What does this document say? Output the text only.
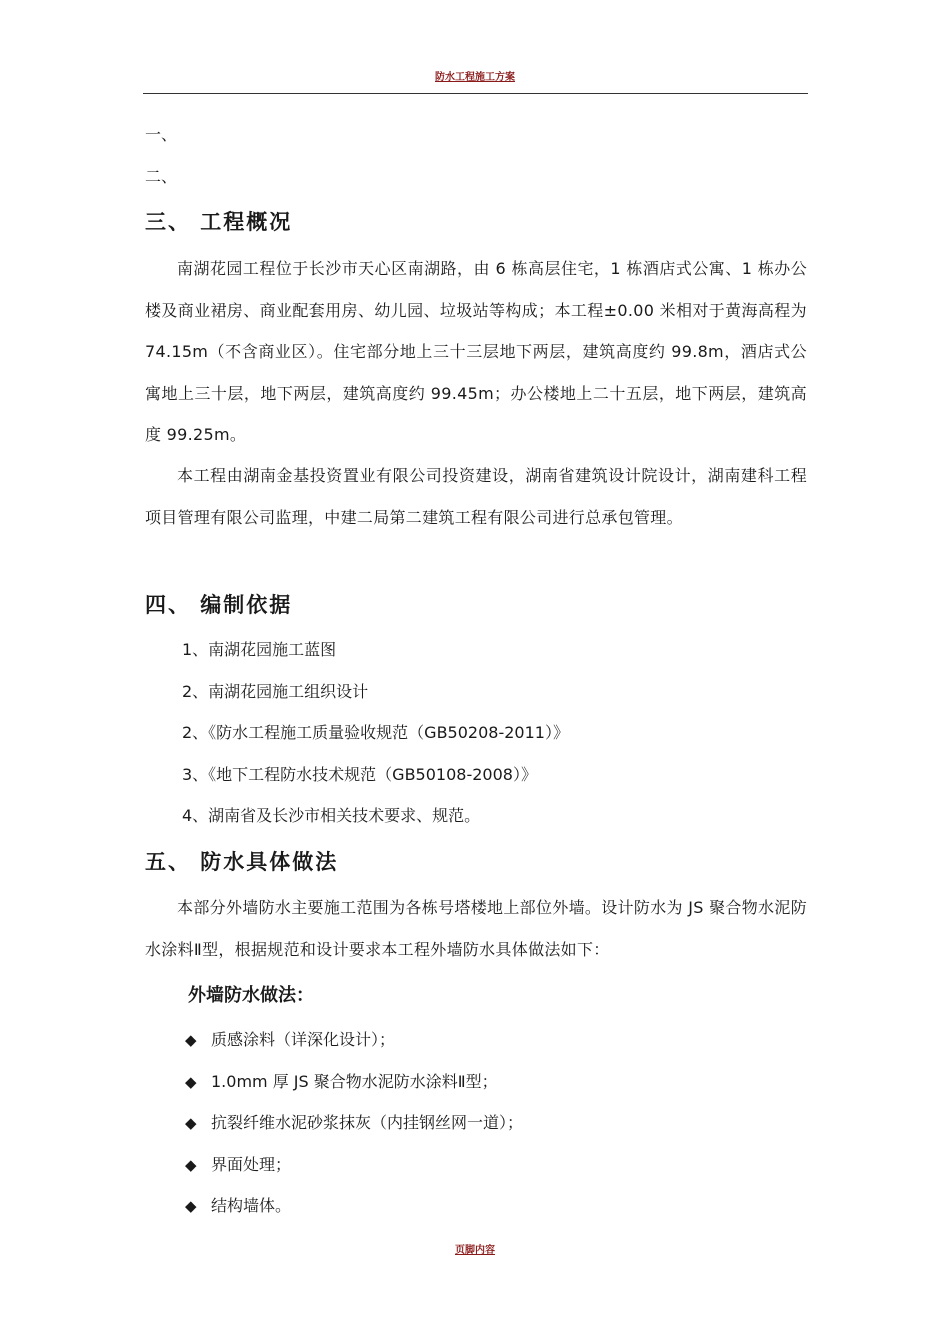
防水工程施工方案
一、
二、
三、 工程概况
南湖花园工程位于长沙市天心区南湖路，由 6 栋高层住宅，1 栋酒店式公寓、1 栋办公楼及商业裙房、商业配套用房、幼儿园、垃圾站等构成；本工程±0.00 米相对于黄海高程为 74.15m（不含商业区）。住宅部分地上三十三层地下两层，建筑高度约 99.8m，酒店式公寓地上三十层，地下两层，建筑高度约 99.45m；办公楼地上二十五层，地下两层，建筑高度 99.25m。
本工程由湖南金基投资置业有限公司投资建设，湖南省建筑设计院设计，湖南建科工程项目管理有限公司监理，中建二局第二建筑工程有限公司进行总承包管理。
四、 编制依据
1、南湖花园施工蓝图
2、南湖花园施工组织设计
2、《防水工程施工质量验收规范（GB50208-2011）》
3、《地下工程防水技术规范（GB50108-2008）》
4、湖南省及长沙市相关技术要求、规范。
五、 防水具体做法
本部分外墙防水主要施工范围为各栋号塔楼地上部位外墙。设计防水为 JS 聚合物水泥防水涂料Ⅱ型，根据规范和设计要求本工程外墙防水具体做法如下：
外墙防水做法：
◆ 质感涂料（详深化设计）；
◆ 1.0mm 厚 JS 聚合物水泥防水涂料Ⅱ型；
◆ 抗裂纤维水泥砂浆抹灰（内挂钢丝网一道）；
◆ 界面处理；
◆ 结构墙体。
页脚内容
